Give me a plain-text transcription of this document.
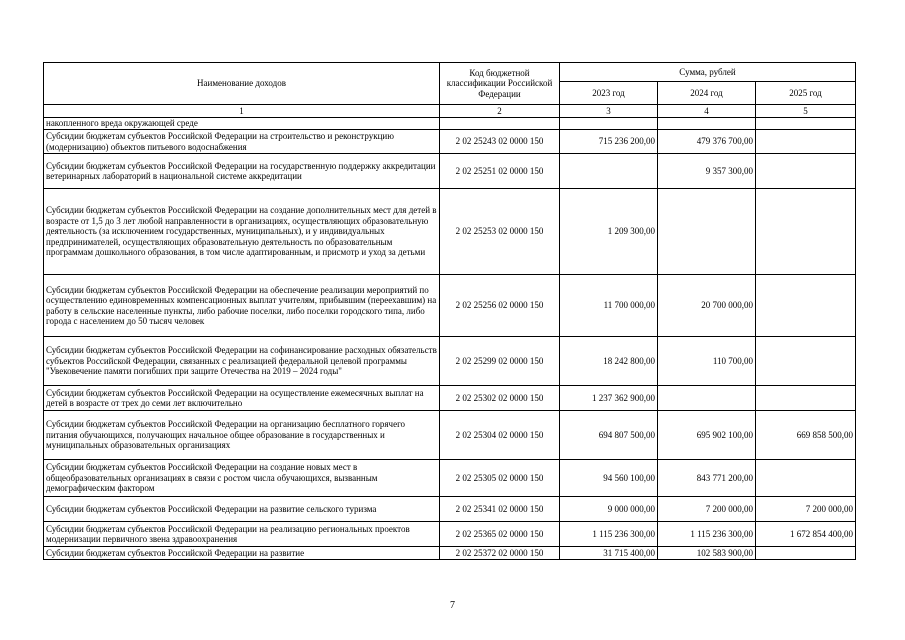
Наименование доходов	Код бюджетной классификации Российской Федерации	Сумма, рублей		
		2023 год	2024 год	2025 год
1	2	3	4	5
накопленного вреда окружающей среде				
Субсидии бюджетам субъектов Российской Федерации на строительство и реконструкцию (модернизацию) объектов питьевого водоснабжения	2 02 25243 02 0000 150	715 236 200,00	479 376 700,00	
Субсидии бюджетам субъектов Российской Федерации на государственную поддержку аккредитации ветеринарных лабораторий в национальной системе аккредитации	2 02 25251 02 0000 150		9 357 300,00	
Субсидии бюджетам субъектов Российской Федерации на создание дополнительных мест для детей в возрасте от 1,5 до 3 лет любой направленности в организациях, осуществляющих образовательную деятельность (за исключением государственных, муниципальных), и у индивидуальных предпринимателей, осуществляющих образовательную деятельность по образовательным программам дошкольного образования, в том числе адаптированным, и присмотр и уход за детьми	2 02 25253 02 0000 150	1 209 300,00		
Субсидии бюджетам субъектов Российской Федерации на обеспечение реализации мероприятий по осуществлению единовременных компенсационных выплат учителям, прибывшим (переехавшим) на работу в сельские населенные пункты, либо рабочие поселки, либо поселки городского типа, либо города с населением до 50 тысяч человек	2 02 25256 02 0000 150	11 700 000,00	20 700 000,00	
Субсидии бюджетам субъектов Российской Федерации на софинансирование расходных обязательств субъектов Российской Федерации, связанных с реализацией федеральной целевой программы "Увековечение памяти погибших при защите Отечества на 2019 – 2024 годы"	2 02 25299 02 0000 150	18 242 800,00	110 700,00	
Субсидии бюджетам субъектов Российской Федерации на осуществление ежемесячных выплат на детей в возрасте от трех до семи лет включительно	2 02 25302 02 0000 150	1 237 362 900,00		
Субсидии бюджетам субъектов Российской Федерации на организацию бесплатного горячего питания обучающихся, получающих начальное общее образование в государственных и муниципальных образовательных организациях	2 02 25304 02 0000 150	694 807 500,00	695 902 100,00	669 858 500,00
Субсидии бюджетам субъектов Российской Федерации на создание новых мест в общеобразовательных организациях в связи с ростом числа обучающихся, вызванным демографическим фактором	2 02 25305 02 0000 150	94 560 100,00	843 771 200,00	
Субсидии бюджетам субъектов Российской Федерации на развитие сельского туризма	2 02 25341 02 0000 150	9 000 000,00	7 200 000,00	7 200 000,00
Субсидии бюджетам субъектов Российской Федерации на реализацию региональных проектов модернизации первичного звена здравоохранения	2 02 25365 02 0000 150	1 115 236 300,00	1 115 236 300,00	1 672 854 400,00
Субсидии бюджетам субъектов Российской Федерации на развитие	2 02 25372 02 0000 150	31 715 400,00	102 583 900,00	
7
